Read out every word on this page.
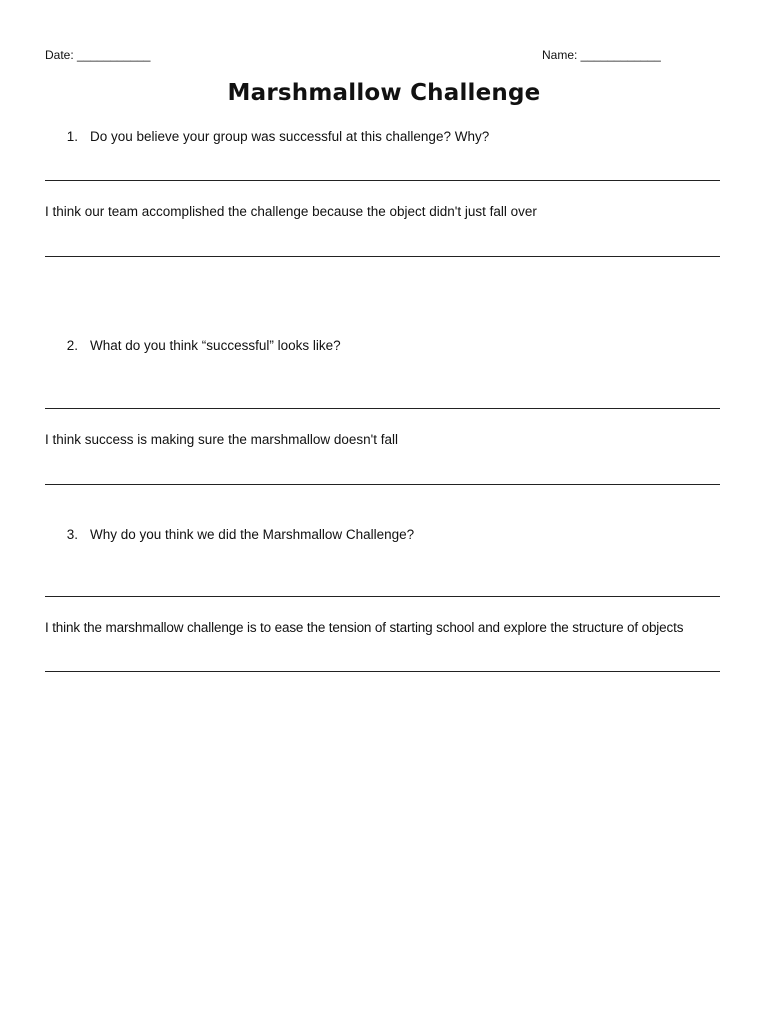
Date: ___________	Name: ____________
Marshmallow Challenge
1. Do you believe your group was successful at this challenge? Why?
I think our team accomplished the challenge because the object didn't just fall over
2. What do you think “successful” looks like?
I think success is making sure the marshmallow doesn't fall
3. Why do you think we did the Marshmallow Challenge?
I think the marshmallow challenge is to ease the tension of starting school and explore the structure of objects
